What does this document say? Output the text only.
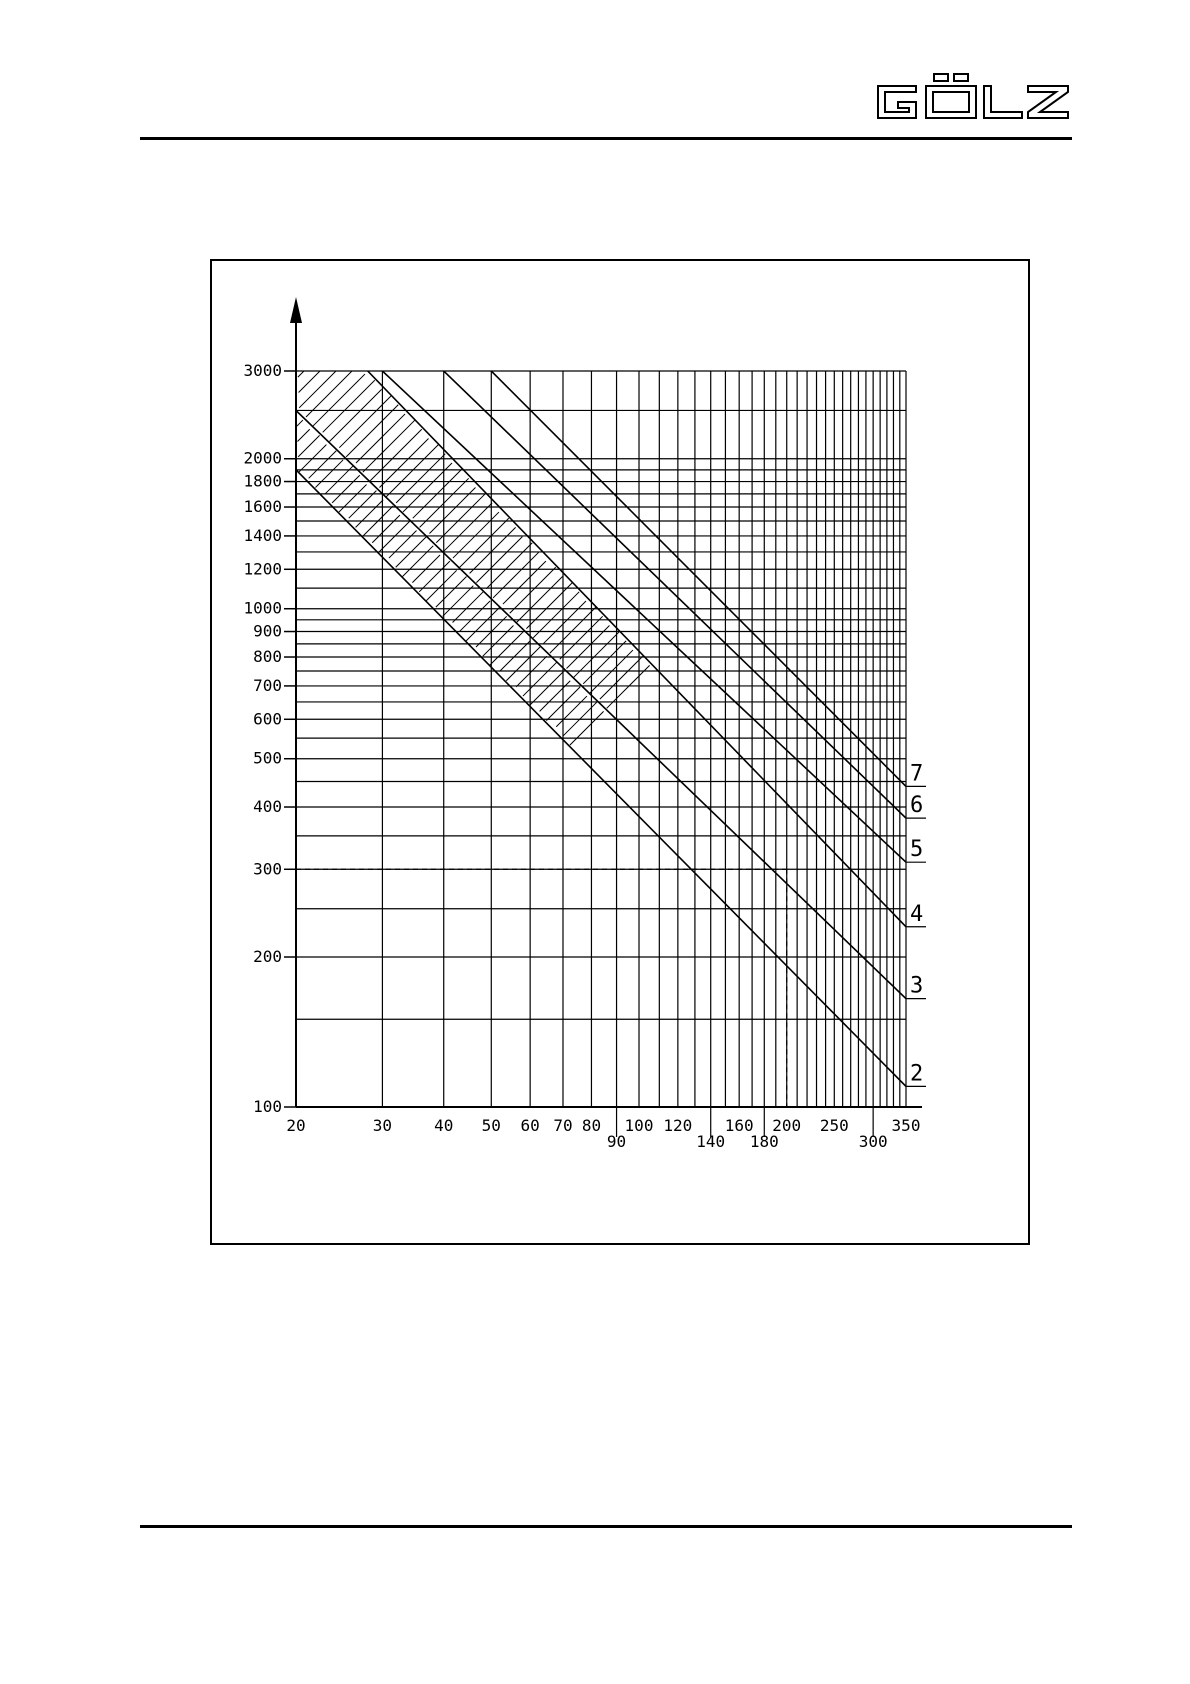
100
200
300
400
500
600
700
800
900
1000
1200
1400
1600
1800
2000
3000
20	30	40 50 60 70 80 100 120 160 200 250	350
90	140 180	300
2
3
4
5
6
7
